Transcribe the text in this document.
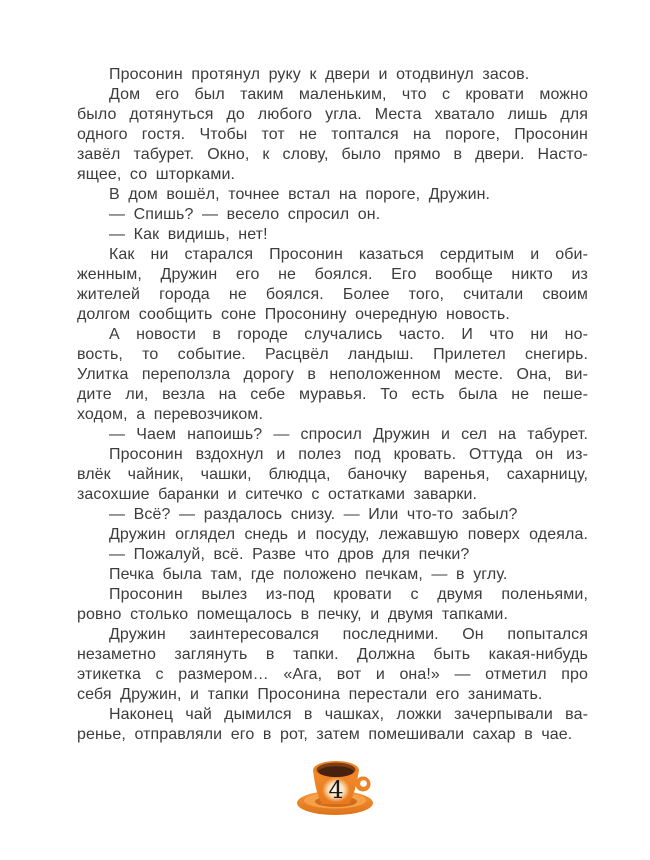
Просонин протянул руку к двери и отодвинул засов.
Дом его был таким маленьким, что с кровати можно
было дотянуться до любого угла. Места хватало лишь для
одного гостя. Чтобы тот не топтался на пороге, Просонин
завёл табурет. Окно, к слову, было прямо в двери. Насто-
ящее, со шторками.
В дом вошёл, точнее встал на пороге, Дружин.
— Спишь? — весело спросил он.
— Как видишь, нет!
Как ни старался Просонин казаться сердитым и оби-
женным, Дружин его не боялся. Его вообще никто из
жителей города не боялся. Более того, считали своим
долгом сообщить соне Просонину очередную новость.
А новости в городе случались часто. И что ни но-
вость, то событие. Расцвёл ландыш. Прилетел снегирь.
Улитка переползла дорогу в неположенном месте. Она, ви-
дите ли, везла на себе муравья. То есть была не пеше-
ходом, а перевозчиком.
— Чаем напоишь? — спросил Дружин и сел на табурет.
Просонин вздохнул и полез под кровать. Оттуда он из-
влёк чайник, чашки, блюдца, баночку варенья, сахарницу,
засохшие баранки и ситечко с остатками заварки.
— Всё? — раздалось снизу. — Или что-то забыл?
Дружин оглядел снедь и посуду, лежавшую поверх одеяла.
— Пожалуй, всё. Разве что дров для печки?
Печка была там, где положено печкам, — в углу.
Просонин вылез из-под кровати с двумя поленьями,
ровно столько помещалось в печку, и двумя тапками.
Дружин заинтересовался последними. Он попытался
незаметно заглянуть в тапки. Должна быть какая-нибудь
этикетка с размером… «Ага, вот и она!» — отметил про
себя Дружин, и тапки Просонина перестали его занимать.
Наконец чай дымился в чашках, ложки зачерпывали ва-
ренье, отправляли его в рот, затем помешивали сахар в чае.
4
